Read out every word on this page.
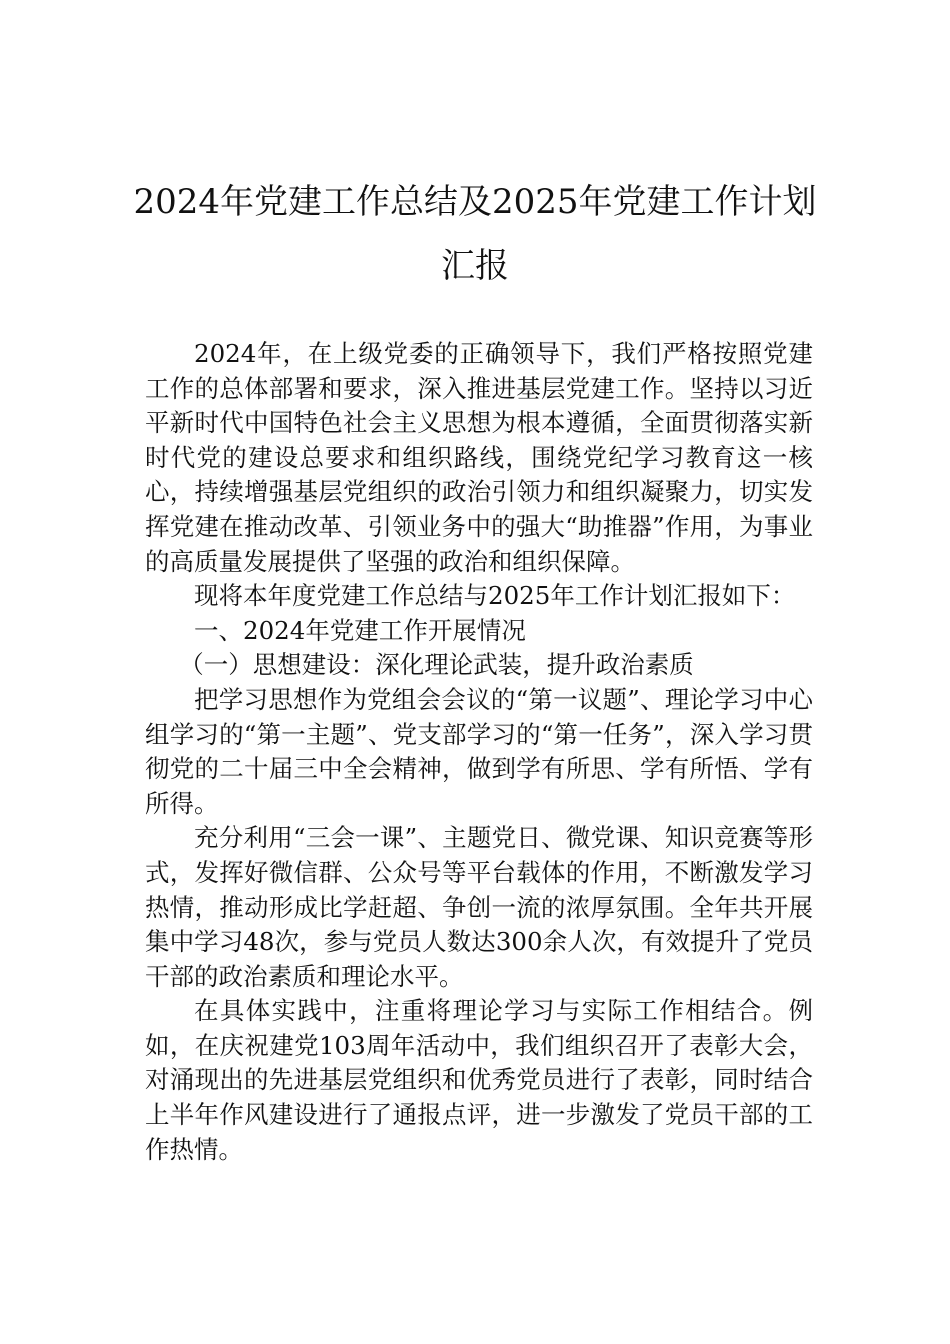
2024年党建工作总结及2025年党建工作计划汇报

2024年，在上级党委的正确领导下，我们严格按照党建工作的总体部署和要求，深入推进基层党建工作。坚持以习近平新时代中国特色社会主义思想为根本遵循，全面贯彻落实新时代党的建设总要求和组织路线，围绕党纪学习教育这一核心，持续增强基层党组织的政治引领力和组织凝聚力，切实发挥党建在推动改革、引领业务中的强大“助推器”作用，为事业的高质量发展提供了坚强的政治和组织保障。

现将本年度党建工作总结与2025年工作计划汇报如下：

一、2024年党建工作开展情况

（一）思想建设：深化理论武装，提升政治素质

把学习思想作为党组会会议的“第一议题”、理论学习中心组学习的“第一主题”、党支部学习的“第一任务”，深入学习贯彻党的二十届三中全会精神，做到学有所思、学有所悟、学有所得。

充分利用“三会一课”、主题党日、微党课、知识竞赛等形式，发挥好微信群、公众号等平台载体的作用，不断激发学习热情，推动形成比学赶超、争创一流的浓厚氛围。全年共开展集中学习48次，参与党员人数达300余人次，有效提升了党员干部的政治素质和理论水平。

在具体实践中，注重将理论学习与实际工作相结合。例如，在庆祝建党103周年活动中，我们组织召开了表彰大会，对涌现出的先进基层党组织和优秀党员进行了表彰，同时结合上半年作风建设进行了通报点评，进一步激发了党员干部的工作热情。
